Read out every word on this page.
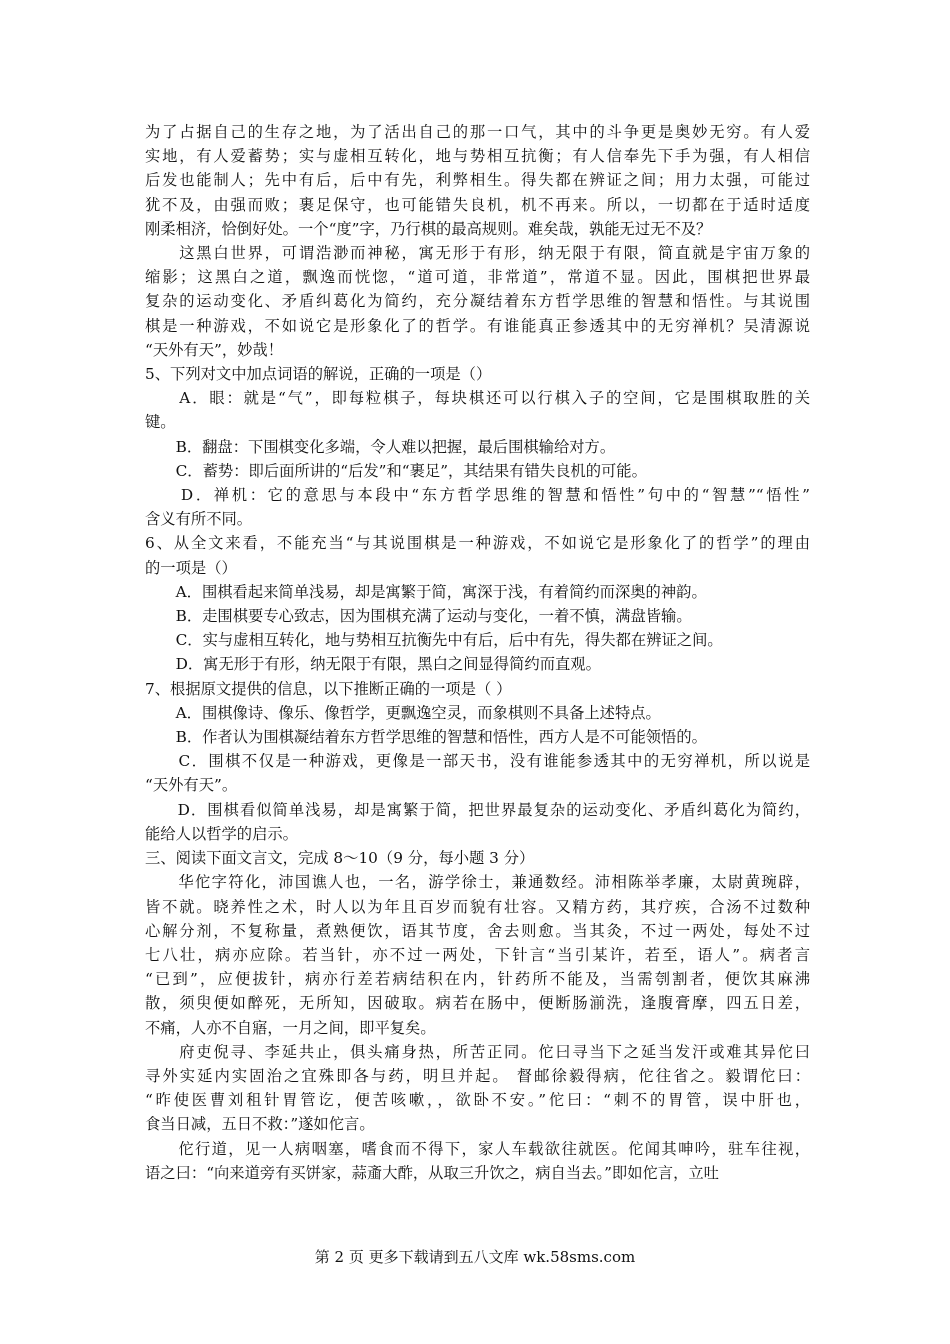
为了占据自己的生存之地，为了活出自己的那一口气，其中的斗争更是奥妙无穷。有人爱
实地，有人爱蓄势；实与虚相互转化，地与势相互抗衡；有人信奉先下手为强，有人相信
后发也能制人；先中有后，后中有先，利弊相生。得失都在辨证之间；用力太强，可能过
犹不及，由强而败；裹足保守，也可能错失良机，机不再来。所以，一切都在于适时适度
刚柔相济，恰倒好处。一个“度”字，乃行棋的最高规则。难矣哉，孰能无过无不及？
　　这黑白世界，可谓浩渺而神秘，寓无形于有形，纳无限于有限，简直就是宇宙万象的
缩影；这黑白之道，飘逸而恍惚，“道可道，非常道”，常道不显。因此，围棋把世界最
复杂的运动变化、矛盾纠葛化为简约，充分凝结着东方哲学思维的智慧和悟性。与其说围
棋是一种游戏，不如说它是形象化了的哲学。有谁能真正参透其中的无穷禅机？吴清源说
“天外有天”，妙哉！
5、下列对文中加点词语的解说，正确的一项是（）
　　A．眼：就是“气”，即每粒棋子，每块棋还可以行棋入子的空间，它是围棋取胜的关
键。
　　B．翻盘：下围棋变化多端，令人难以把握，最后围棋输给对方。
　　C．蓄势：即后面所讲的“后发”和“裹足”，其结果有错失良机的可能。
　　D．禅机：它的意思与本段中“东方哲学思维的智慧和悟性”句中的“智慧”“悟性”
含义有所不同。
6、从全文来看，不能充当“与其说围棋是一种游戏，不如说它是形象化了的哲学”的理由
的一项是（）
　　A．围棋看起来简单浅易，却是寓繁于简，寓深于浅，有着简约而深奥的神韵。
　　B．走围棋要专心致志，因为围棋充满了运动与变化，一着不慎，满盘皆输。
　　C．实与虚相互转化，地与势相互抗衡先中有后，后中有先，得失都在辨证之间。
　　D．寓无形于有形，纳无限于有限，黑白之间显得简约而直观。
7、根据原文提供的信息，以下推断正确的一项是（ ）
　　A．围棋像诗、像乐、像哲学，更飘逸空灵，而象棋则不具备上述特点。
　　B．作者认为围棋凝结着东方哲学思维的智慧和悟性，西方人是不可能领悟的。
　　C．围棋不仅是一种游戏，更像是一部天书，没有谁能参透其中的无穷禅机，所以说是
“天外有天”。
　　D．围棋看似简单浅易，却是寓繁于简，把世界最复杂的运动变化、矛盾纠葛化为简约，
能给人以哲学的启示。
三、阅读下面文言文，完成 8～10（9 分，每小题 3 分）
　　华佗字符化，沛国谯人也，一名，游学徐士，兼通数经。沛相陈举孝廉，太尉黄琬辟，
皆不就。晓养性之术，时人以为年且百岁而貌有壮容。又精方药，其疗疾，合汤不过数种
心解分剂，不复称量，煮熟便饮，语其节度，舍去则愈。当其灸，不过一两处，每处不过
七八壮，病亦应除。若当针，亦不过一两处，下针言“当引某许，若至，语人”。病者言
“已到”，应便拔针，病亦行差若病结积在内，针药所不能及，当需刳割者，便饮其麻沸
散，须臾便如醉死，无所知，因破取。病若在肠中，便断肠湔洗，逢腹膏摩，四五日差，
不痛，人亦不自寤，一月之间，即平复矣。
　　府吏倪寻、李延共止，俱头痛身热，所苦正同。佗曰寻当下之延当发汗或难其异佗曰
寻外实延内实固治之宜殊即各与药，明旦并起。 督邮徐毅得病，佗往省之。毅谓佗曰：
“昨使医曹刘租针胃管讫，便苦咳嗽，，欲卧不安。”佗曰：“刺不的胃管，误中肝也，
食当日减，五日不救：”遂如佗言。
　　佗行道，见一人病咽塞，嗜食而不得下，家人车载欲往就医。佗闻其呻吟，驻车往视，
语之曰：“向来道旁有买饼家，蒜齑大酢，从取三升饮之，病自当去。”即如佗言，立吐
第 2 页 更多下载请到五八文库 wk.58sms.com
